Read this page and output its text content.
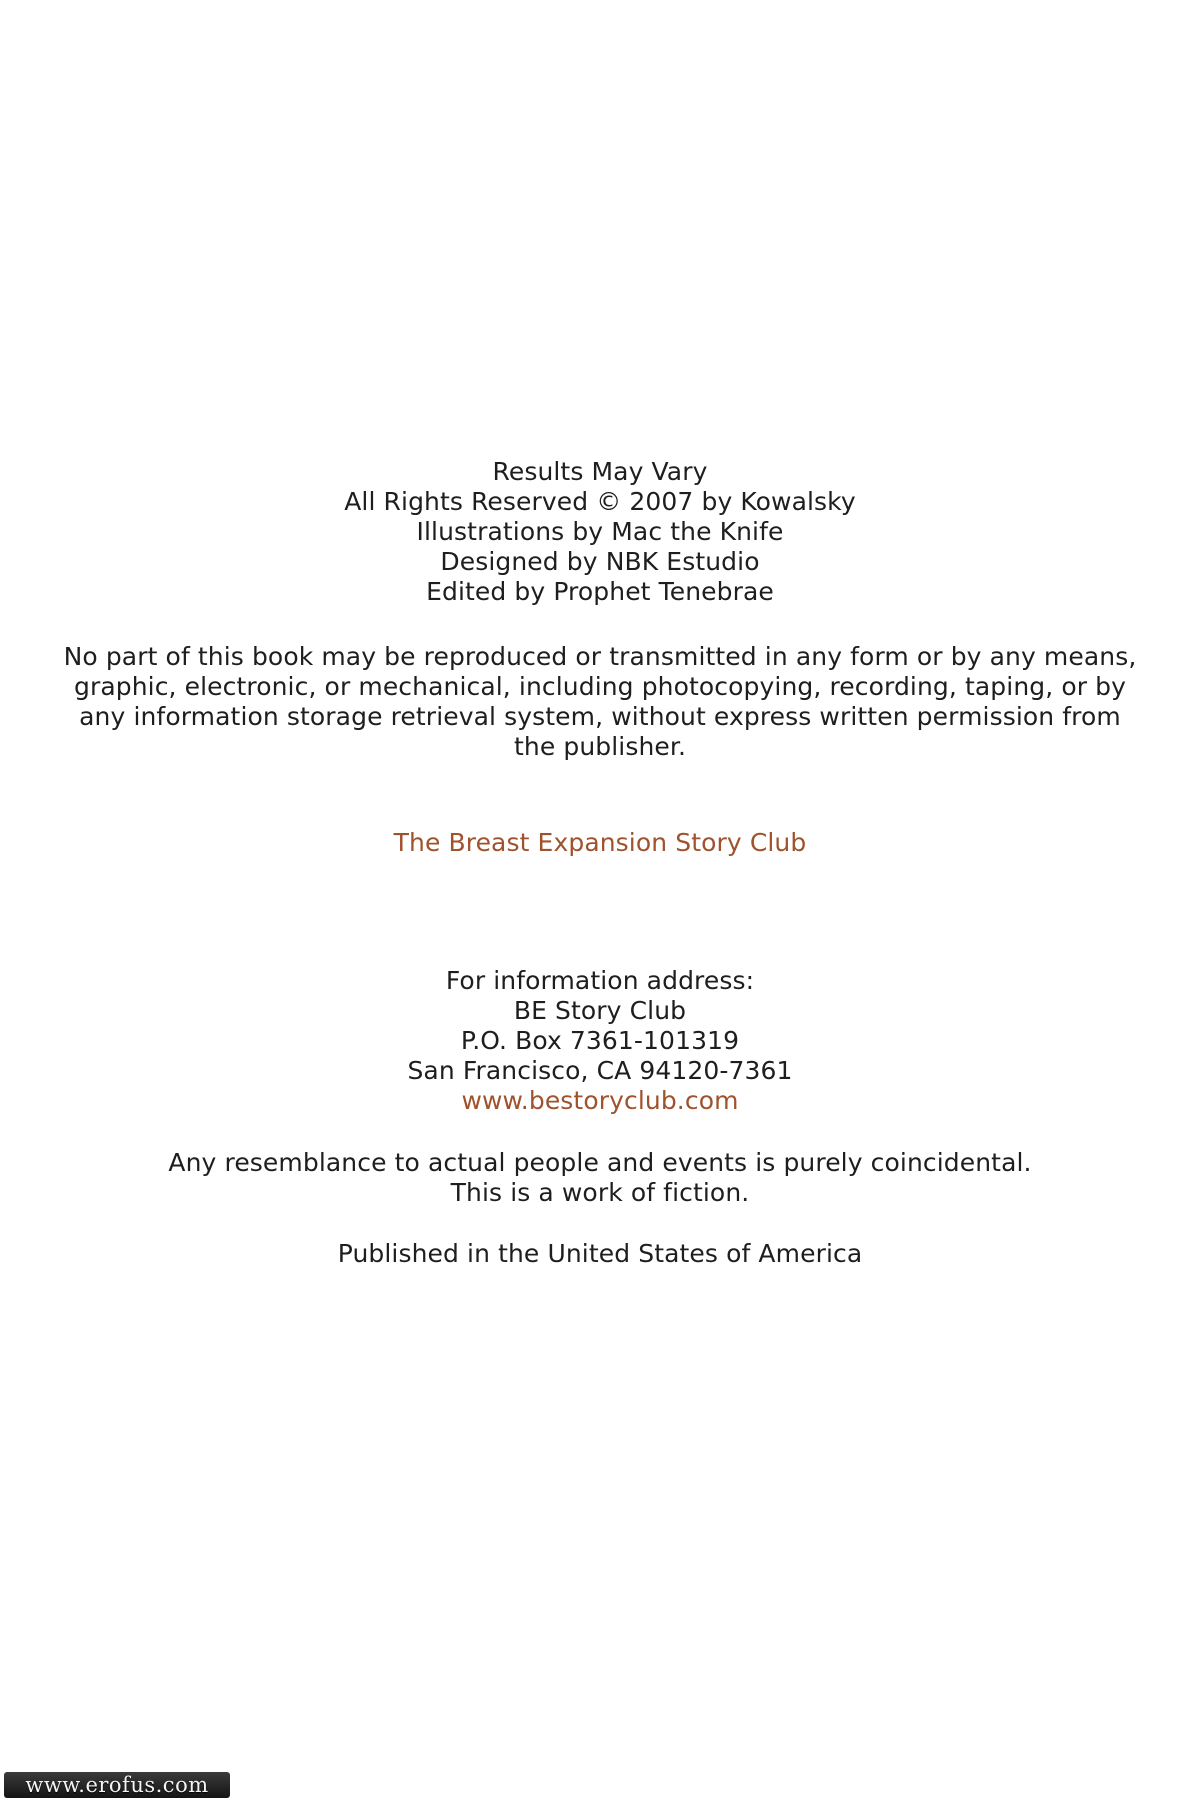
Results May Vary
All Rights Reserved © 2007 by Kowalsky
Illustrations by Mac the Knife
Designed by NBK Estudio
Edited by Prophet Tenebrae
No part of this book may be reproduced or transmitted in any form or by any means,
graphic, electronic, or mechanical, including photocopying, recording, taping, or by
any information storage retrieval system, without express written permission from
the publisher.
The Breast Expansion Story Club
For information address:
BE Story Club
P.O. Box 7361-101319
San Francisco, CA 94120-7361
www.bestoryclub.com
Any resemblance to actual people and events is purely coincidental.
This is a work of fiction.
Published in the United States of America
www.erofus.com
